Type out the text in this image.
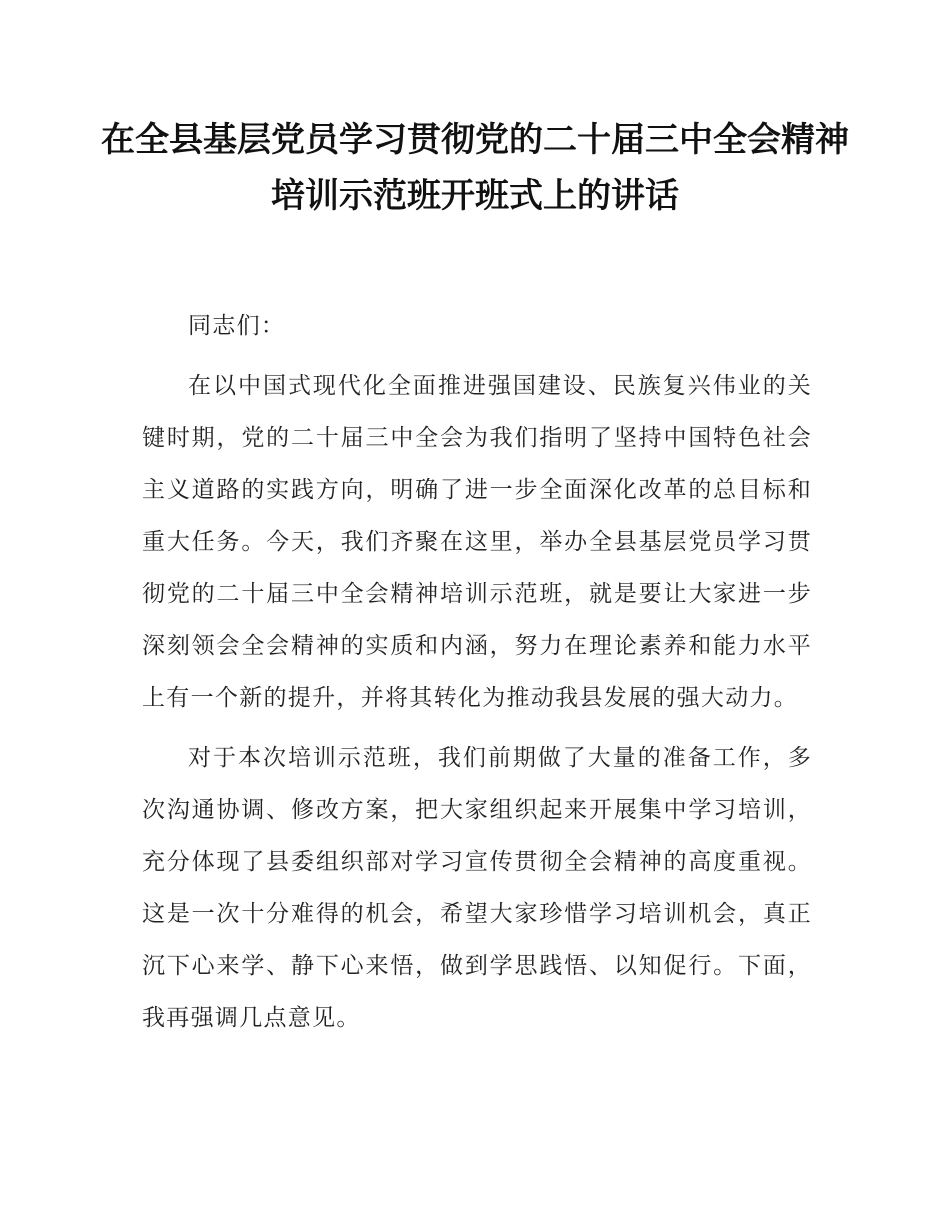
在全县基层党员学习贯彻党的二十届三中全会精神培训示范班开班式上的讲话

同志们：

在以中国式现代化全面推进强国建设、民族复兴伟业的关键时期，党的二十届三中全会为我们指明了坚持中国特色社会主义道路的实践方向，明确了进一步全面深化改革的总目标和重大任务。今天，我们齐聚在这里，举办全县基层党员学习贯彻党的二十届三中全会精神培训示范班，就是要让大家进一步深刻领会全会精神的实质和内涵，努力在理论素养和能力水平上有一个新的提升，并将其转化为推动我县发展的强大动力。

对于本次培训示范班，我们前期做了大量的准备工作，多次沟通协调、修改方案，把大家组织起来开展集中学习培训，充分体现了县委组织部对学习宣传贯彻全会精神的高度重视。这是一次十分难得的机会，希望大家珍惜学习培训机会，真正沉下心来学、静下心来悟，做到学思践悟、以知促行。下面，我再强调几点意见。
